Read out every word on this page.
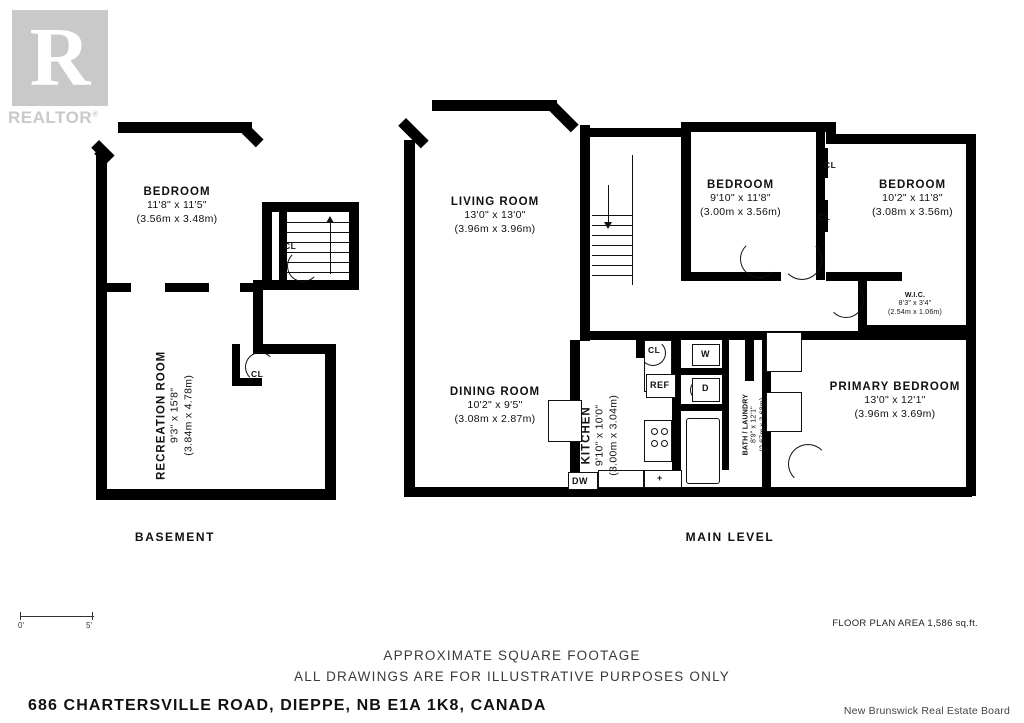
R
REALTOR®
BEDROOM
11'8" x 11'5"
(3.56m x 3.48m)
RECREATION ROOM 9'3" x 15'8" (3.84m x 4.78m)
CL
CL
BASEMENT
+
LIVING ROOM
13'0" x 13'0"
(3.96m x 3.96m)
DINING ROOM
10'2" x 9'5"
(3.08m x 2.87m)	KITCHEN 9'10" x 10'0" (3.00m x 3.04m)
BEDROOM
9'10" x 11'8"
(3.00m x 3.56m)
BEDROOM
10'2" x 11'8"
(3.08m x 3.56m)
PRIMARY BEDROOM
13'0" x 12'1"
(3.96m x 3.69m)
W.I.C.
8'3" x 3'4"
(2.54m x 1.06m)
BATH / LAUNDRY 8'9" x 12'1" (2.67m x 3.68m)
CL
CL
CL
W
D
REF
DW
MAIN LEVEL
0'	5'	FLOOR PLAN AREA 1,586 sq.ft.
APPROXIMATE SQUARE FOOTAGE
ALL DRAWINGS ARE FOR ILLUSTRATIVE PURPOSES ONLY
686 CHARTERSVILLE ROAD, DIEPPE, NB E1A 1K8, CANADA	New Brunswick Real Estate Board
